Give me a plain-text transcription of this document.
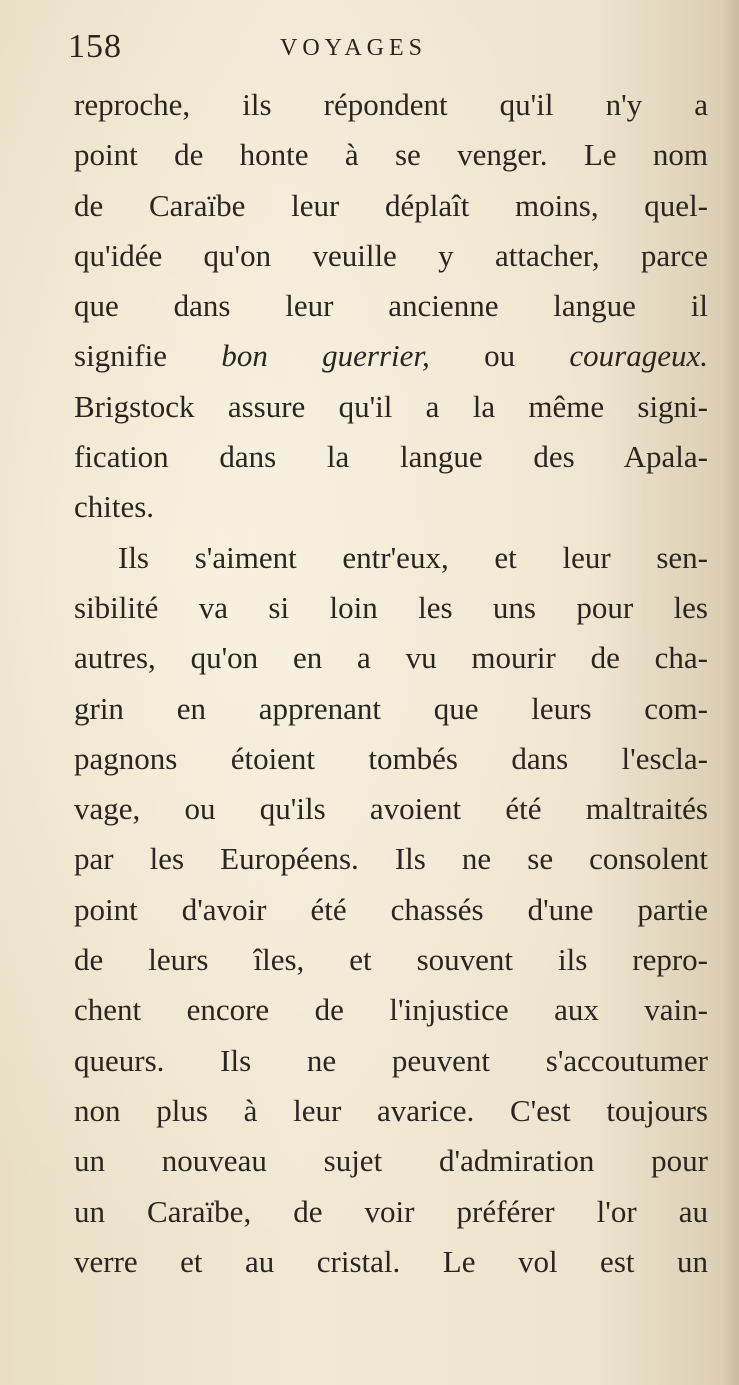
158	VOYAGES
reproche, ils répondent qu'il n'y a
point de honte à se venger. Le nom
de Caraïbe leur déplaît moins, quel-
qu'idée qu'on veuille y attacher, parce
que dans leur ancienne langue il
signifie bon guerrier, ou courageux.
Brigstock assure qu'il a la même signi-
fication dans la langue des Apala-
chites.
Ils s'aiment entr'eux, et leur sen-
sibilité va si loin les uns pour les
autres, qu'on en a vu mourir de cha-
grin en apprenant que leurs com-
pagnons étoient tombés dans l'escla-
vage, ou qu'ils avoient été maltraités
par les Européens. Ils ne se consolent
point d'avoir été chassés d'une partie
de leurs îles, et souvent ils repro-
chent encore de l'injustice aux vain-
queurs. Ils ne peuvent s'accoutumer
non plus à leur avarice. C'est toujours
un nouveau sujet d'admiration pour
un Caraïbe, de voir préférer l'or au
verre et au cristal. Le vol est un
